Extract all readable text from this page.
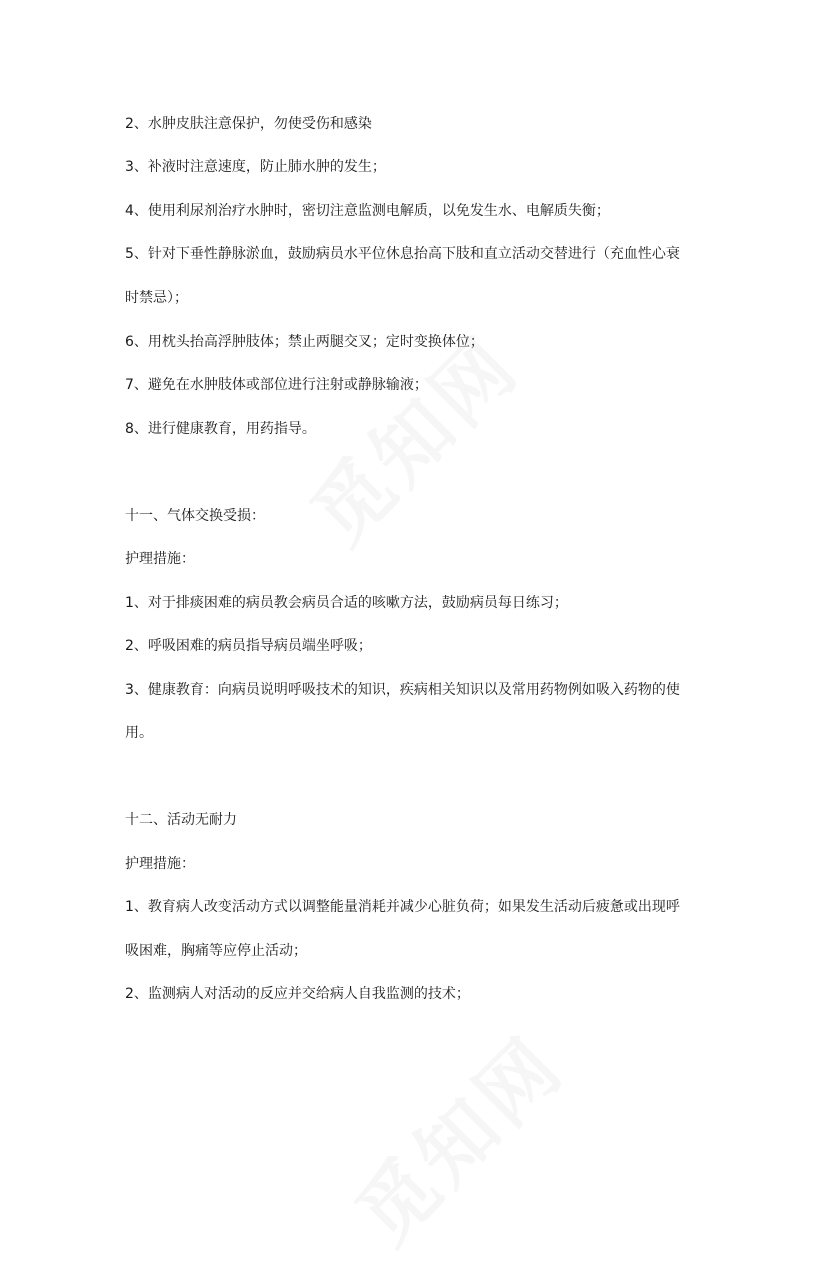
2、水肿皮肤注意保护，勿使受伤和感染
3、补液时注意速度，防止肺水肿的发生；
4、使用利尿剂治疗水肿时，密切注意监测电解质，以免发生水、电解质失衡；
5、针对下垂性静脉淤血，鼓励病员水平位休息抬高下肢和直立活动交替进行（充血性心衰
时禁忌）；
6、用枕头抬高浮肿肢体；禁止两腿交叉；定时变换体位；
7、避免在水肿肢体或部位进行注射或静脉输液；
8、进行健康教育，用药指导。
十一、气体交换受损：
护理措施：
1、对于排痰困难的病员教会病员合适的咳嗽方法，鼓励病员每日练习；
2、呼吸困难的病员指导病员端坐呼吸；
3、健康教育：向病员说明呼吸技术的知识，疾病相关知识以及常用药物例如吸入药物的使
用。
十二、活动无耐力
护理措施：
1、教育病人改变活动方式以调整能量消耗并减少心脏负荷；如果发生活动后疲惫或出现呼
吸困难，胸痛等应停止活动；
2、监测病人对活动的反应并交给病人自我监测的技术；
